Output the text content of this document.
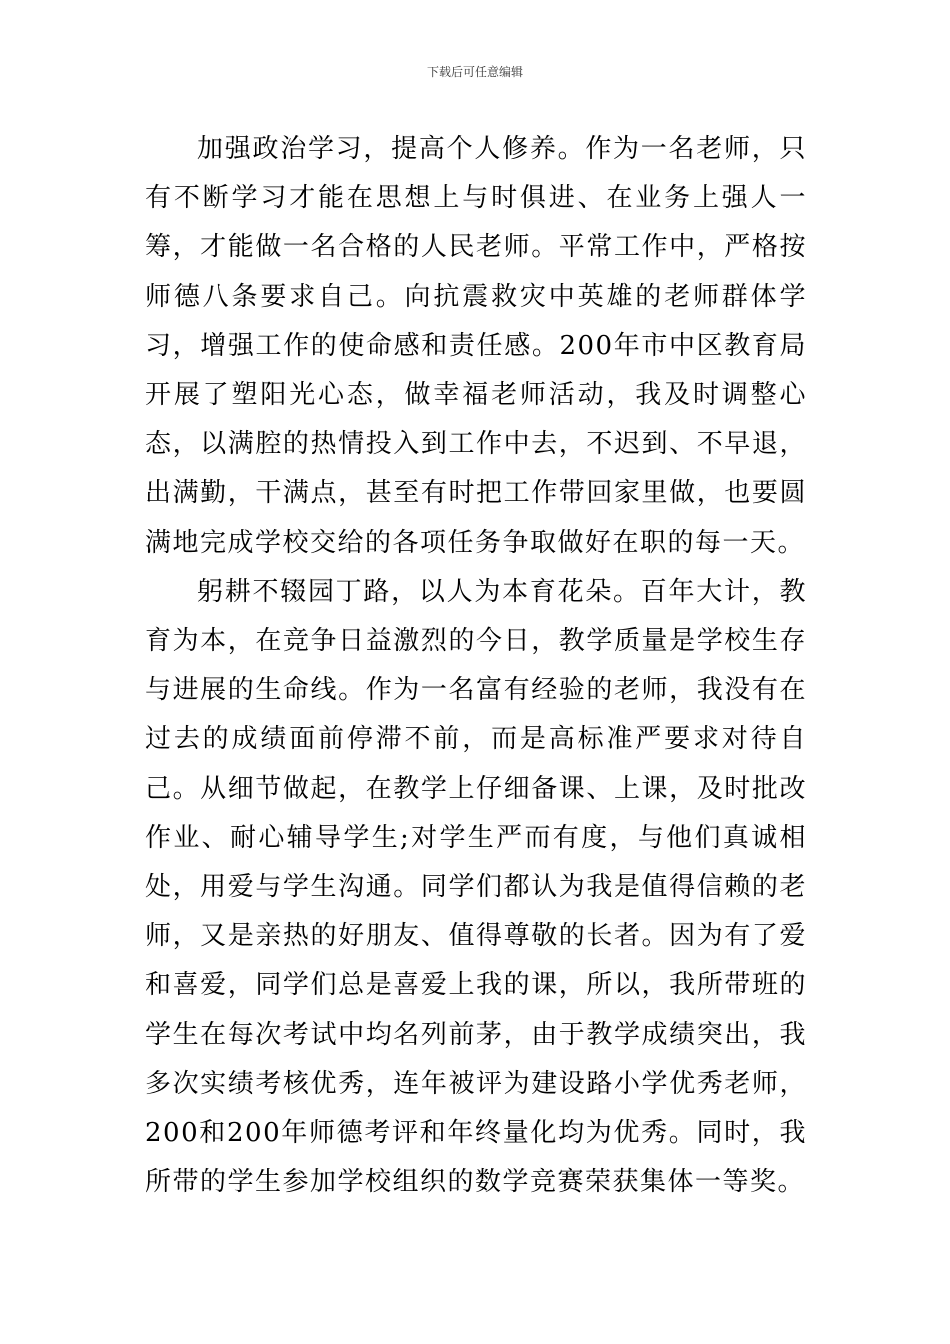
下载后可任意编辑

加强政治学习，提高个人修养。作为一名老师，只有不断学习才能在思想上与时俱进、在业务上强人一筹，才能做一名合格的人民老师。平常工作中，严格按师德八条要求自己。向抗震救灾中英雄的老师群体学习，增强工作的使命感和责任感。200年市中区教育局开展了塑阳光心态，做幸福老师活动，我及时调整心态，以满腔的热情投入到工作中去，不迟到、不早退，出满勤，干满点，甚至有时把工作带回家里做，也要圆满地完成学校交给的各项任务争取做好在职的每一天。

躬耕不辍园丁路，以人为本育花朵。百年大计，教育为本，在竞争日益激烈的今日，教学质量是学校生存与进展的生命线。作为一名富有经验的老师，我没有在过去的成绩面前停滞不前，而是高标准严要求对待自己。从细节做起，在教学上仔细备课、上课，及时批改作业、耐心辅导学生;对学生严而有度，与他们真诚相处，用爱与学生沟通。同学们都认为我是值得信赖的老师，又是亲热的好朋友、值得尊敬的长者。因为有了爱和喜爱，同学们总是喜爱上我的课，所以，我所带班的学生在每次考试中均名列前茅，由于教学成绩突出，我多次实绩考核优秀，连年被评为建设路小学优秀老师，200和200年师德考评和年终量化均为优秀。同时，我所带的学生参加学校组织的数学竞赛荣获集体一等奖。
